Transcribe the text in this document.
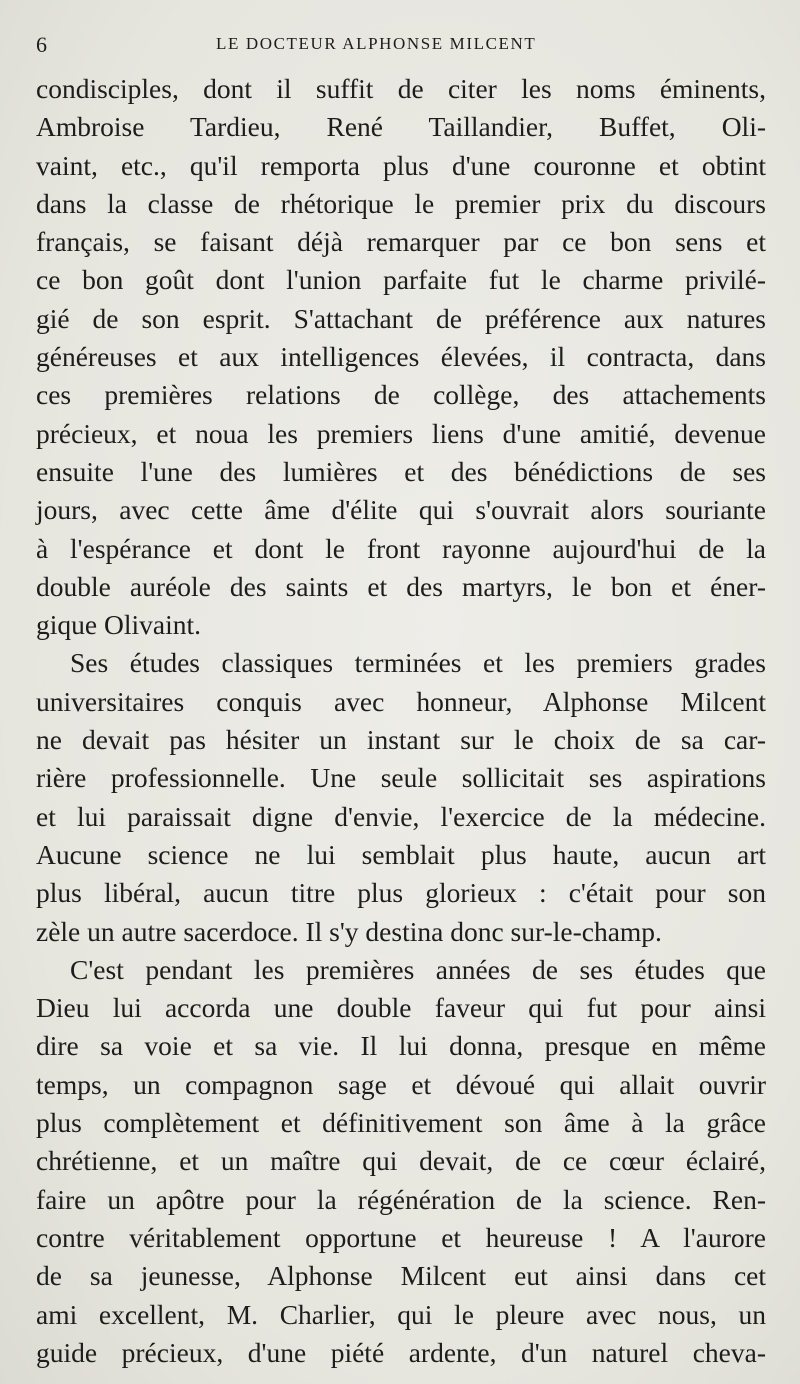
6	LE DOCTEUR ALPHONSE MILCENT
condisciples, dont il suffit de citer les noms éminents,
Ambroise Tardieu, René Taillandier, Buffet, Oli-
vaint, etc., qu'il remporta plus d'une couronne et obtint
dans la classe de rhétorique le premier prix du discours
français, se faisant déjà remarquer par ce bon sens et
ce bon goût dont l'union parfaite fut le charme privilé-
gié de son esprit. S'attachant de préférence aux natures
généreuses et aux intelligences élevées, il contracta, dans
ces premières relations de collège, des attachements
précieux, et noua les premiers liens d'une amitié, devenue
ensuite l'une des lumières et des bénédictions de ses
jours, avec cette âme d'élite qui s'ouvrait alors souriante
à l'espérance et dont le front rayonne aujourd'hui de la
double auréole des saints et des martyrs, le bon et éner-
gique Olivaint.
Ses études classiques terminées et les premiers grades
universitaires conquis avec honneur, Alphonse Milcent
ne devait pas hésiter un instant sur le choix de sa car-
rière professionnelle. Une seule sollicitait ses aspirations
et lui paraissait digne d'envie, l'exercice de la médecine.
Aucune science ne lui semblait plus haute, aucun art
plus libéral, aucun titre plus glorieux : c'était pour son
zèle un autre sacerdoce. Il s'y destina donc sur-le-champ.
C'est pendant les premières années de ses études que
Dieu lui accorda une double faveur qui fut pour ainsi
dire sa voie et sa vie. Il lui donna, presque en même
temps, un compagnon sage et dévoué qui allait ouvrir
plus complètement et définitivement son âme à la grâce
chrétienne, et un maître qui devait, de ce cœur éclairé,
faire un apôtre pour la régénération de la science. Ren-
contre véritablement opportune et heureuse ! A l'aurore
de sa jeunesse, Alphonse Milcent eut ainsi dans cet
ami excellent, M. Charlier, qui le pleure avec nous, un
guide précieux, d'une piété ardente, d'un naturel cheva-
